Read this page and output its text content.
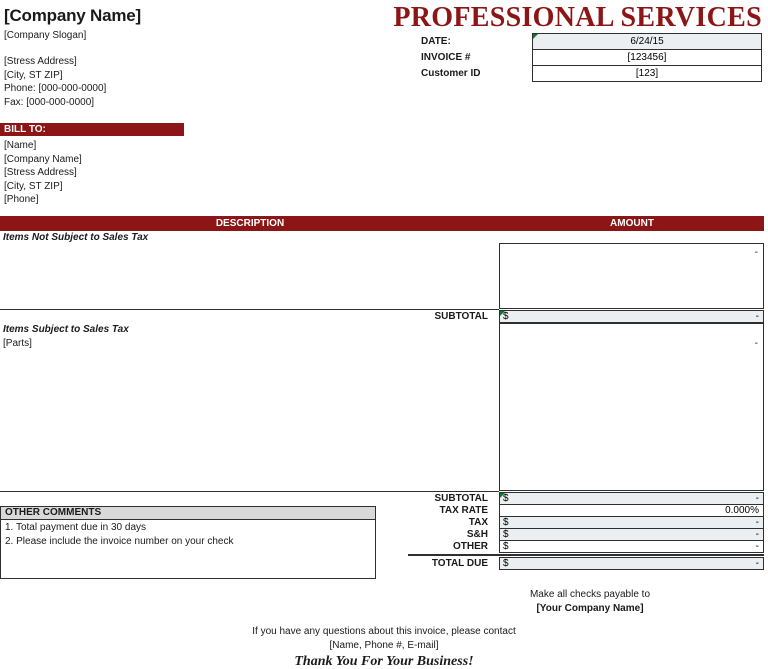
[Company Name]
[Company Slogan]
[Stress Address]
[City, ST ZIP]
Phone: [000-000-0000]
Fax: [000-000-0000]
PROFESSIONAL SERVICES
DATE:	6/24/15
INVOICE #	[123456]
Customer ID	[123]
BILL TO:
[Name]
[Company Name]
[Stress Address]
[City, ST ZIP]
[Phone]
DESCRIPTION	AMOUNT
Items Not Subject to Sales Tax
-
SUBTOTAL $	-
Items Subject to Sales Tax
[Parts]	-
SUBTOTAL $	-
TAX RATE	0.000%
TAX $	-
S&H $	-
OTHER $	-
TOTAL DUE $	-
OTHER COMMENTS
1. Total payment due in 30 days
2. Please include the invoice number on your check
Make all checks payable to
[Your Company Name]
If you have any questions about this invoice, please contact
[Name, Phone #, E-mail]
Thank You For Your Business!
